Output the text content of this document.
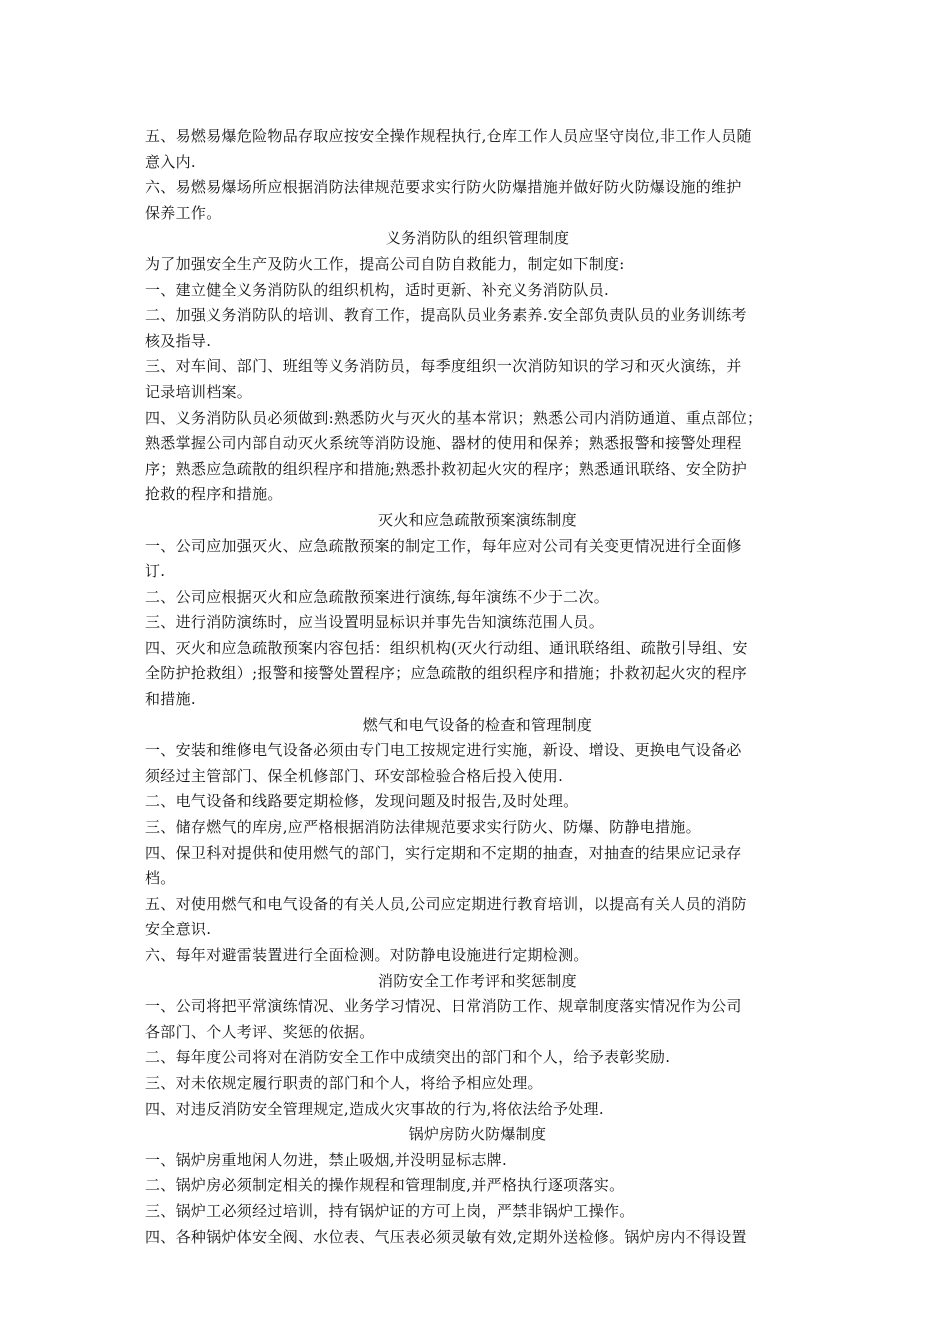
五、易燃易爆危险物品存取应按安全操作规程执行,仓库工作人员应坚守岗位,非工作人员随
意入内.
六、易燃易爆场所应根据消防法律规范要求实行防火防爆措施并做好防火防爆设施的维护
保养工作。
义务消防队的组织管理制度
为了加强安全生产及防火工作，提高公司自防自救能力，制定如下制度:
一、建立健全义务消防队的组织机构，适时更新、补充义务消防队员.
二、加强义务消防队的培训、教育工作，提高队员业务素养.安全部负责队员的业务训练考
核及指导.
三、对车间、部门、班组等义务消防员，每季度组织一次消防知识的学习和灭火演练，并
记录培训档案。
四、义务消防队员必须做到:熟悉防火与灭火的基本常识；熟悉公司内消防通道、重点部位；
熟悉掌握公司内部自动灭火系统等消防设施、器材的使用和保养；熟悉报警和接警处理程
序；熟悉应急疏散的组织程序和措施;熟悉扑救初起火灾的程序；熟悉通讯联络、安全防护
抢救的程序和措施。
灭火和应急疏散预案演练制度
一、公司应加强灭火、应急疏散预案的制定工作，每年应对公司有关变更情况进行全面修
订.
二、公司应根据灭火和应急疏散预案进行演练,每年演练不少于二次。
三、进行消防演练时，应当设置明显标识并事先告知演练范围人员。
四、灭火和应急疏散预案内容包括：组织机构(灭火行动组、通讯联络组、疏散引导组、安
全防护抢救组）;报警和接警处置程序；应急疏散的组织程序和措施；扑救初起火灾的程序
和措施.
燃气和电气设备的检查和管理制度
一、安装和维修电气设备必须由专门电工按规定进行实施，新设、增设、更换电气设备必
须经过主管部门、保全机修部门、环安部检验合格后投入使用.
二、电气设备和线路要定期检修，发现问题及时报告,及时处理。
三、储存燃气的库房,应严格根据消防法律规范要求实行防火、防爆、防静电措施。
四、保卫科对提供和使用燃气的部门，实行定期和不定期的抽查，对抽查的结果应记录存
档。
五、对使用燃气和电气设备的有关人员,公司应定期进行教育培训，以提高有关人员的消防
安全意识.
六、每年对避雷装置进行全面检测。对防静电设施进行定期检测。
消防安全工作考评和奖惩制度
一、公司将把平常演练情况、业务学习情况、日常消防工作、规章制度落实情况作为公司
各部门、个人考评、奖惩的依据。
二、每年度公司将对在消防安全工作中成绩突出的部门和个人，给予表彰奖励.
三、对未依规定履行职责的部门和个人，将给予相应处理。
四、对违反消防安全管理规定,造成火灾事故的行为,将依法给予处理.
锅炉房防火防爆制度
一、锅炉房重地闲人勿进，禁止吸烟,并没明显标志牌.
二、锅炉房必须制定相关的操作规程和管理制度,并严格执行逐项落实。
三、锅炉工必须经过培训，持有锅炉证的方可上岗，严禁非锅炉工操作。
四、各种锅炉体安全阀、水位表、气压表必须灵敏有效,定期外送检修。锅炉房内不得设置
